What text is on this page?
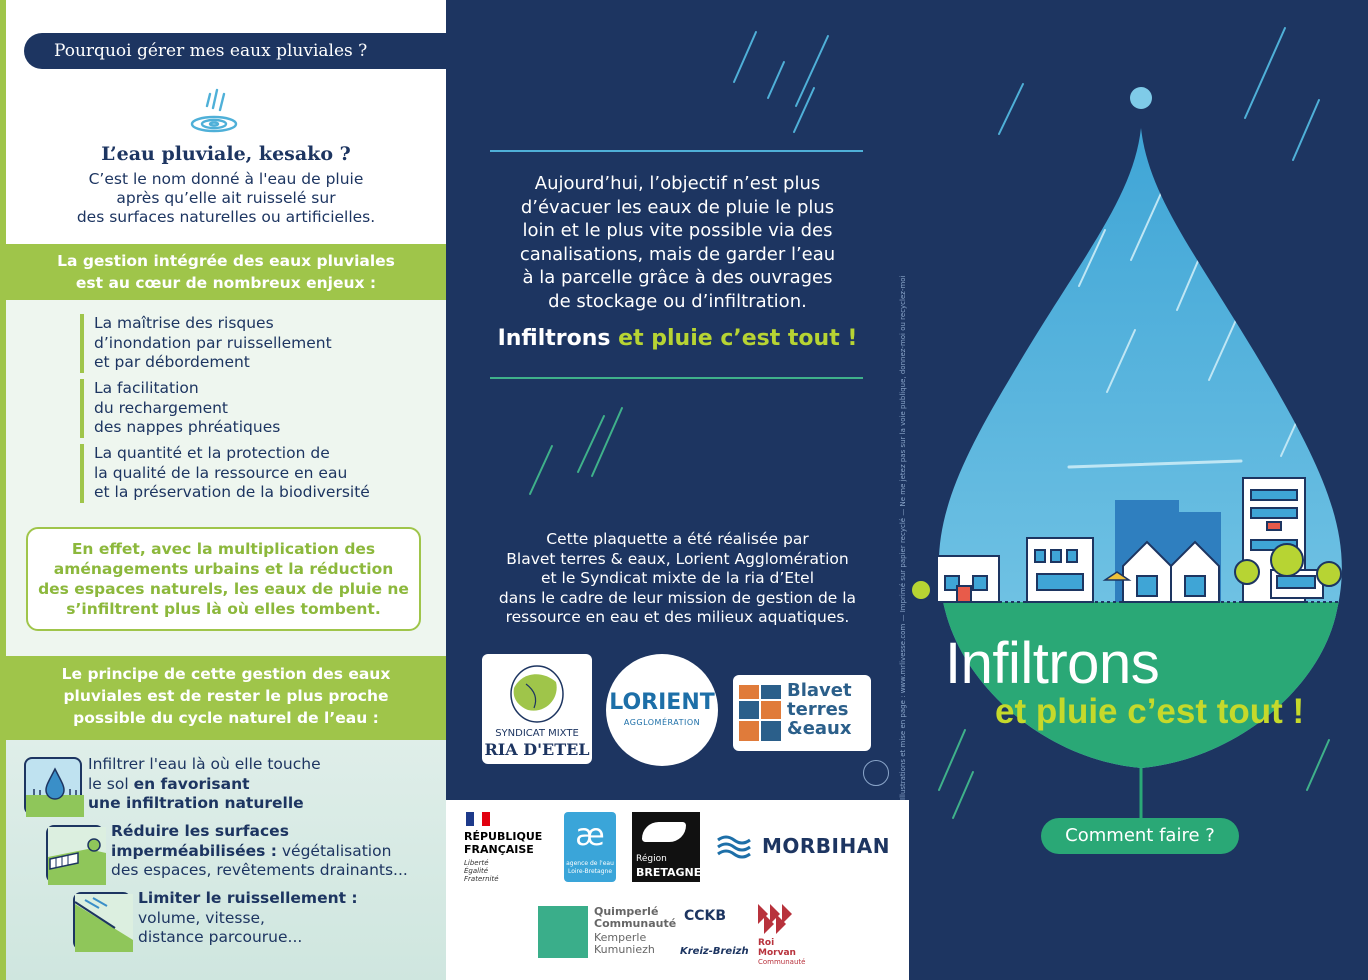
Pourquoi gérer mes eaux pluviales ?
L’eau pluviale, kesako ?
C’est le nom donné à l'eau de pluie
après qu’elle ait ruisselé sur
des surfaces naturelles ou artificielles.
La gestion intégrée des eaux pluviales
est au cœur de nombreux enjeux :
La maîtrise des risques
d’inondation par ruissellement
et par débordement
La facilitation
du rechargement
des nappes phréatiques
La quantité et la protection de
la qualité de la ressource en eau
et la préservation de la biodiversité
En effet, avec la multiplication des
aménagements urbains et la réduction
des espaces naturels, les eaux de pluie ne
s’infiltrent plus là où elles tombent.
Le principe de cette gestion des eaux
pluviales est de rester le plus proche
possible du cycle naturel de l’eau :
Infiltrer l'eau là où elle touche
le sol en favorisant
une infiltration naturelle
Réduire les surfaces
imperméabilisées : végétalisation
des espaces, revêtements drainants...
Limiter le ruissellement :
volume, vitesse,
distance parcourue...
Aujourd’hui, l’objectif n’est plus
d’évacuer les eaux de pluie le plus
loin et le plus vite possible via des
canalisations, mais de garder l’eau
à la parcelle grâce à des ouvrages
de stockage ou d’infiltration.
Infiltrons et pluie c’est tout !
Cette plaquette a été réalisée par
Blavet terres & eaux, Lorient Agglomération
et le Syndicat mixte de la ria d’Etel
dans le cadre de leur mission de gestion de la
ressource en eau et des milieux aquatiques.
SYNDICAT MIXTE
RIA D'ETEL
LORIENT
AGGLOMÉRATION
Blavet
terres
&eaux
RÉPUBLIQUE
FRANÇAISE
Liberté
Égalité
Fraternité
æ
agence de l'eau
Loire-Bretagne
Région
BRETAGNE
MORBIHAN
Quimperlé
Communauté
Kemperle
Kumuniezh
CCKB
Kreiz-Breizh
Roi
Morvan
Communauté
Illustrations et mise en page : www.mrlivesse.com — Imprimé sur papier recyclé — Ne me jetez pas sur la voie publique, donnez-moi ou recyclez-moi Infiltrons
et pluie c’est tout !
Comment faire ?
